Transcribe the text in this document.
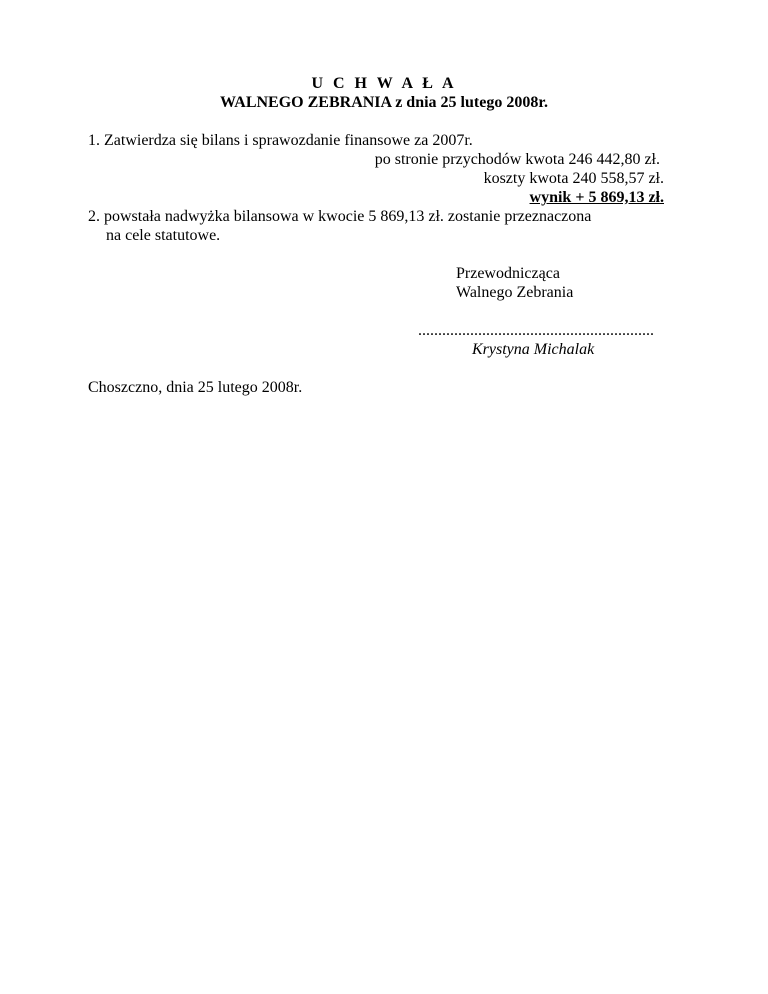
U C H W A Ł A
WALNEGO ZEBRANIA z dnia 25 lutego 2008r.
1. Zatwierdza się bilans i sprawozdanie finansowe za 2007r.
po stronie przychodów kwota 246 442,80 zł.
koszty kwota 240 558,57 zł.
wynik + 5 869,13 zł.
2. powstała nadwyżka bilansowa w kwocie 5 869,13 zł. zostanie przeznaczona
na cele statutowe.
Przewodnicząca
Walnego Zebrania
...........................................................
Krystyna Michalak
Choszczno, dnia 25 lutego 2008r.
